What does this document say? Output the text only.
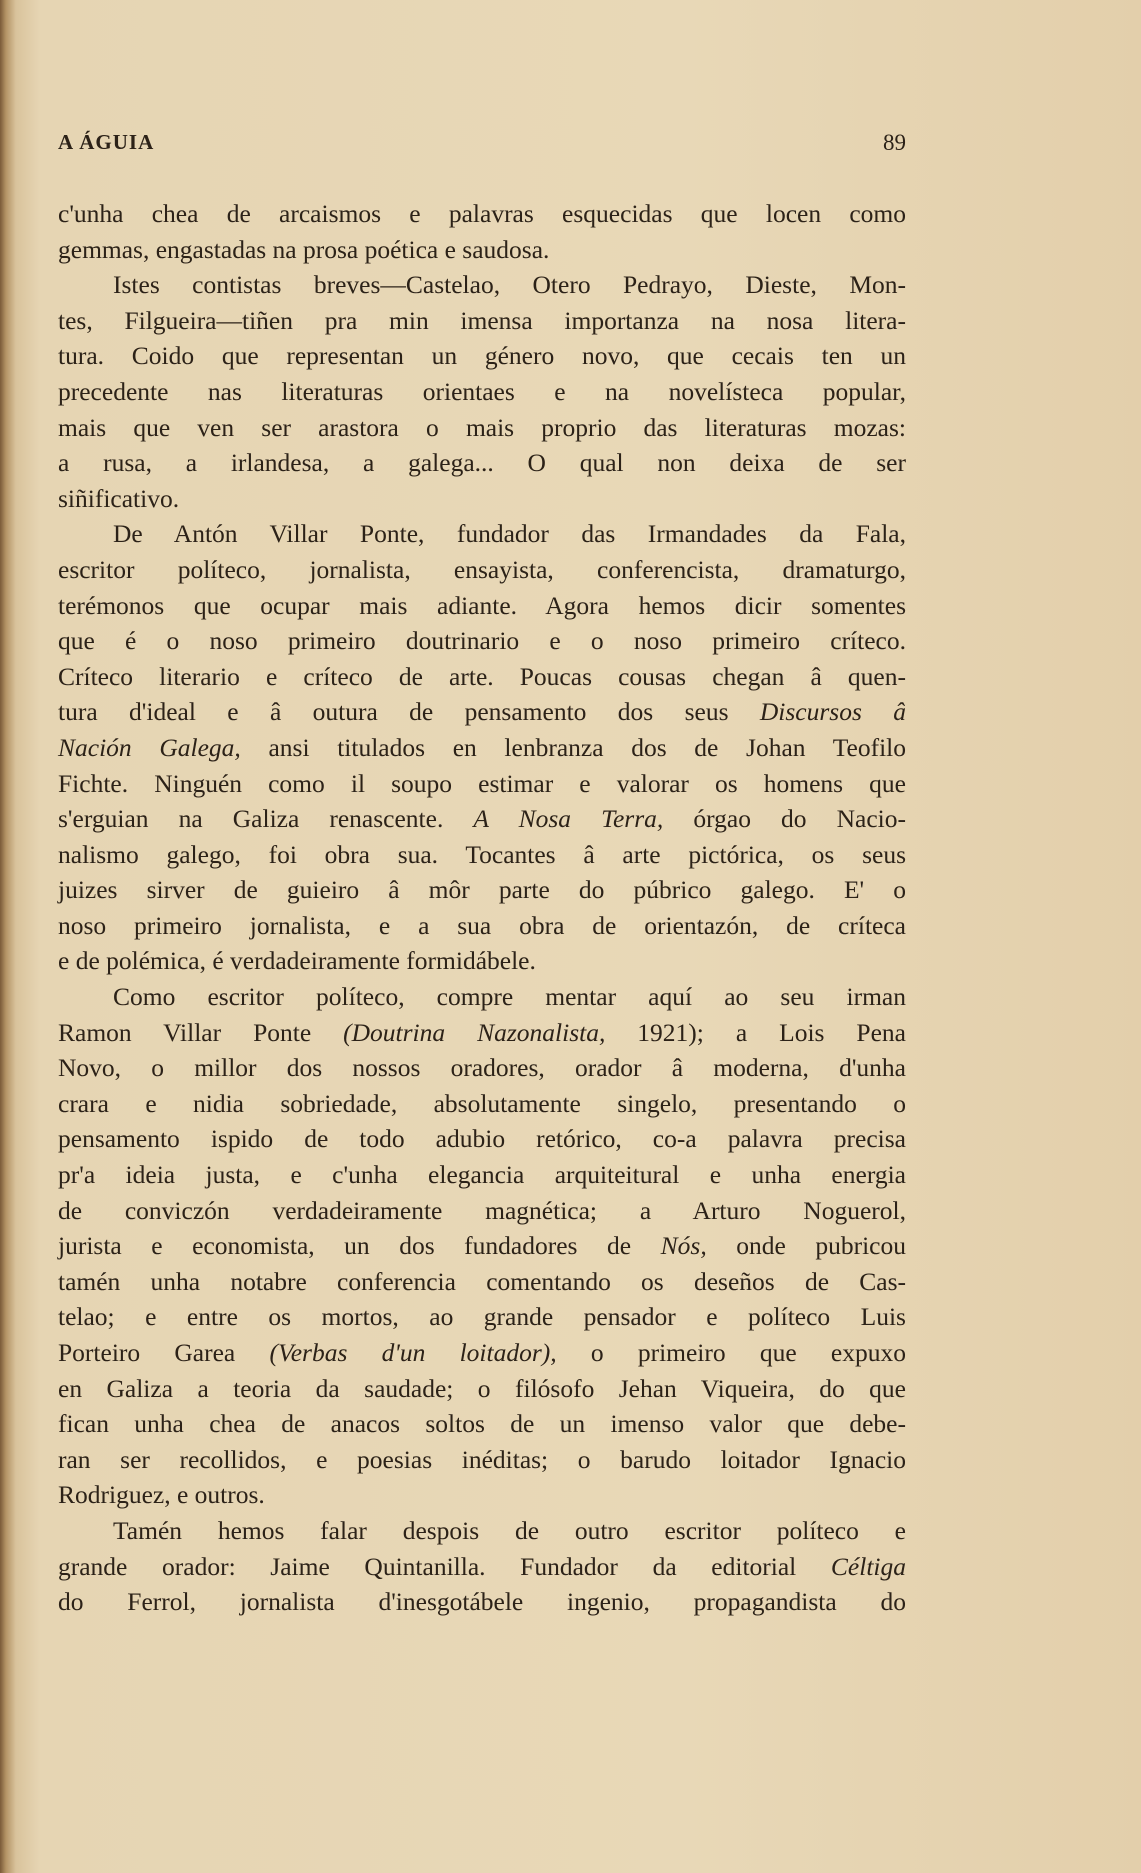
A ÁGUIA	89
c'unha chea de arcaismos e palavras esquecidas que locen como
gemmas, engastadas na prosa poética e saudosa.
Istes contistas breves—Castelao, Otero Pedrayo, Dieste, Mon-
tes, Filgueira—tiñen pra min imensa importanza na nosa litera-
tura. Coido que representan un género novo, que cecais ten un
precedente nas literaturas orientaes e na novelísteca popular,
mais que ven ser arastora o mais proprio das literaturas mozas:
a rusa, a irlandesa, a galega... O qual non deixa de ser
siñificativo.
De Antón Villar Ponte, fundador das Irmandades da Fala,
escritor políteco, jornalista, ensayista, conferencista, dramaturgo,
terémonos que ocupar mais adiante. Agora hemos dicir somentes
que é o noso primeiro doutrinario e o noso primeiro críteco.
Críteco literario e críteco de arte. Poucas cousas chegan â quen-
tura d'ideal e â outura de pensamento dos seus Discursos â
Nación Galega, ansi titulados en lenbranza dos de Johan Teofilo
Fichte. Ninguén como il soupo estimar e valorar os homens que
s'erguian na Galiza renascente. A Nosa Terra, órgao do Nacio-
nalismo galego, foi obra sua. Tocantes â arte pictórica, os seus
juizes sirver de guieiro â môr parte do púbrico galego. E' o
noso primeiro jornalista, e a sua obra de orientazón, de críteca
e de polémica, é verdadeiramente formidábele.
Como escritor políteco, compre mentar aquí ao seu irman
Ramon Villar Ponte (Doutrina Nazonalista, 1921); a Lois Pena
Novo, o millor dos nossos oradores, orador â moderna, d'unha
crara e nidia sobriedade, absolutamente singelo, presentando o
pensamento ispido de todo adubio retórico, co-a palavra precisa
pr'a ideia justa, e c'unha elegancia arquiteitural e unha energia
de conviczón verdadeiramente magnética; a Arturo Noguerol,
jurista e economista, un dos fundadores de Nós, onde pubricou
tamén unha notabre conferencia comentando os deseños de Cas-
telao; e entre os mortos, ao grande pensador e políteco Luis
Porteiro Garea (Verbas d'un loitador), o primeiro que expuxo
en Galiza a teoria da saudade; o filósofo Jehan Viqueira, do que
fican unha chea de anacos soltos de un imenso valor que debe-
ran ser recollidos, e poesias inéditas; o barudo loitador Ignacio
Rodriguez, e outros.
Tamén hemos falar despois de outro escritor políteco e
grande orador: Jaime Quintanilla. Fundador da editorial Céltiga
do Ferrol, jornalista d'inesgotábele ingenio, propagandista do
